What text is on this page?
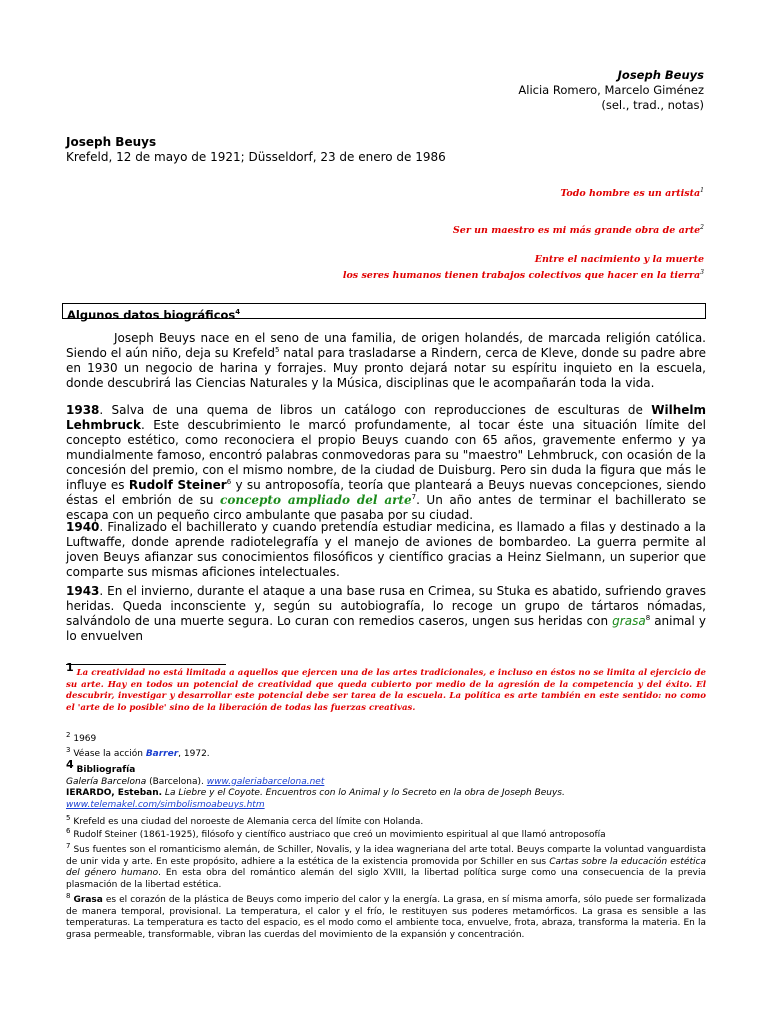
Joseph Beuys
Alicia Romero, Marcelo Giménez
(sel., trad., notas)
Joseph Beuys
Krefeld, 12 de mayo de 1921; Düsseldorf, 23 de enero de 1986
Todo hombre es un artista$^1$
Ser un maestro es mi más grande obra de arte$^2$
Entre el nacimiento y la muerte
los seres humanos tienen trabajos colectivos que hacer en la tierra$^3$
Algunos datos biográficos$^4$
Joseph Beuys nace en el seno de una familia, de origen holandés, de marcada religión católica. Siendo el aún niño, deja su Krefeld$^5$ natal para trasladarse a Rindern, cerca de Kleve, donde su padre abre en 1930 un negocio de harina y forrajes. Muy pronto dejará notar su espíritu inquieto en la escuela, donde descubrirá las Ciencias Naturales y la Música, disciplinas que le acompañarán toda la vida.
1938. Salva de una quema de libros un catálogo con reproducciones de esculturas de Wilhelm Lehmbruck. Este descubrimiento le marcó profundamente, al tocar éste una situación límite del concepto estético, como reconociera el propio Beuys cuando con 65 años, gravemente enfermo y ya mundialmente famoso, encontró palabras conmovedoras para su "maestro" Lehmbruck, con ocasión de la concesión del premio, con el mismo nombre, de la ciudad de Duisburg. Pero sin duda la figura que más le influye es Rudolf Steiner$^6$ y su antroposofía, teoría que planteará a Beuys nuevas concepciones, siendo éstas el embrión de su concepto ampliado del arte$^7$. Un año antes de terminar el bachillerato se escapa con un pequeño circo ambulante que pasaba por su ciudad.
1940. Finalizado el bachillerato y cuando pretendía estudiar medicina, es llamado a filas y destinado a la Luftwaffe, donde aprende radiotelegrafía y el manejo de aviones de bombardeo. La guerra permite al joven Beuys afianzar sus conocimientos filosóficos y científico gracias a Heinz Sielmann, un superior que comparte sus mismas aficiones intelectuales.
1943. En el invierno, durante el ataque a una base rusa en Crimea, su Stuka es abatido, sufriendo graves heridas. Queda inconsciente y, según su autobiografía, lo recoge un grupo de tártaros nómadas, salvándolo de una muerte segura. Lo curan con remedios caseros, ungen sus heridas con grasa$^8$ animal y lo envuelven
1 La creatividad no está limitada a aquellos que ejercen una de las artes tradicionales, e incluso en éstos no se limita al ejercicio de su arte. Hay en todos un potencial de creatividad que queda cubierto por medio de la agresión de la competencia y del éxito. El descubrir, investigar y desarrollar este potencial debe ser tarea de la escuela. La política es arte también en este sentido: no como el 'arte de lo posible' sino de la liberación de todas las fuerzas creativas.
$^2$ 1969
$^3$ Véase la acción Barrer, 1972.
4 Bibliografía
Galería Barcelona (Barcelona). www.galeriabarcelona.net
IERARDO, Esteban. La Liebre y el Coyote. Encuentros con lo Animal y lo Secreto en la obra de Joseph Beuys.
www.telemakel.com/simbolismoabeuys.htm
$^5$ Krefeld es una ciudad del noroeste de Alemania cerca del límite con Holanda.
$^6$ Rudolf Steiner (1861-1925), filósofo y científico austriaco que creó un movimiento espiritual al que llamó antroposofía
$^7$ Sus fuentes son el romanticismo alemán, de Schiller, Novalis, y la idea wagneriana del arte total. Beuys comparte la voluntad vanguardista de unir vida y arte. En este propósito, adhiere a la estética de la existencia promovida por Schiller en sus Cartas sobre la educación estética del género humano. En esta obra del romántico alemán del siglo XVIII, la libertad política surge como una consecuencia de la previa plasmación de la libertad estética.
$^8$ Grasa es el corazón de la plástica de Beuys como imperio del calor y la energía. La grasa, en sí misma amorfa, sólo puede ser formalizada de manera temporal, provisional. La temperatura, el calor y el frío, le restituyen sus poderes metamórficos. La grasa es sensible a las temperaturas. La temperatura es tacto del espacio, es el modo como el ambiente toca, envuelve, frota, abraza, transforma la materia. En la grasa permeable, transformable, vibran las cuerdas del movimiento de la expansión y concentración.
